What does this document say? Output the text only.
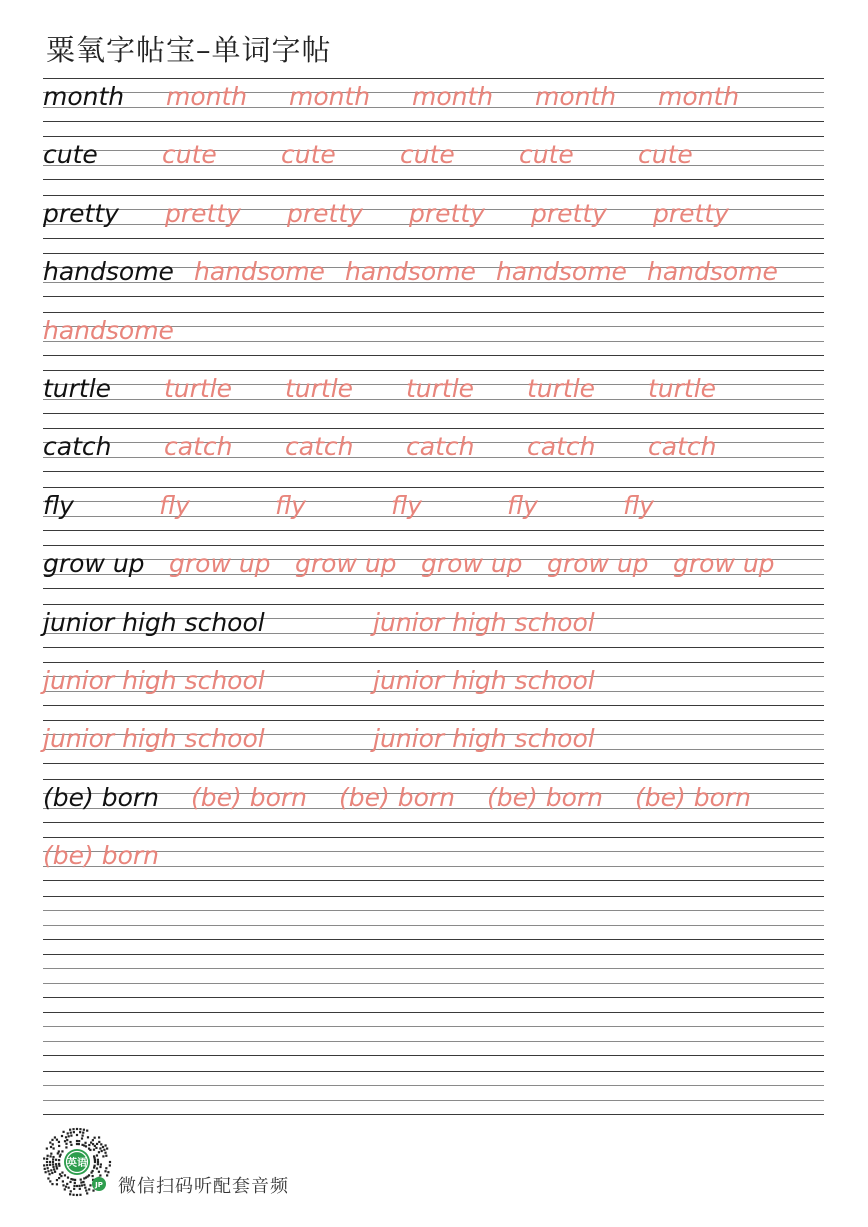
粟氧字帖宝–单词字帖
month month month month month month
cute	cute	cute	cute	cute	cute
pretty pretty pretty pretty pretty pretty
handsome handsome handsome handsome handsome
handsome
turtle turtle turtle turtle turtle turtle
catch catch catch catch catch catch
fly	fly	fly	fly	fly	fly
grow up grow up grow up grow up grow up grow up
junior high school	junior high school
junior high school	junior high school
junior high school	junior high school
(be) born (be) born (be) born (be) born (be) born
(be) born
英语
JP 微信扫码听配套音频
